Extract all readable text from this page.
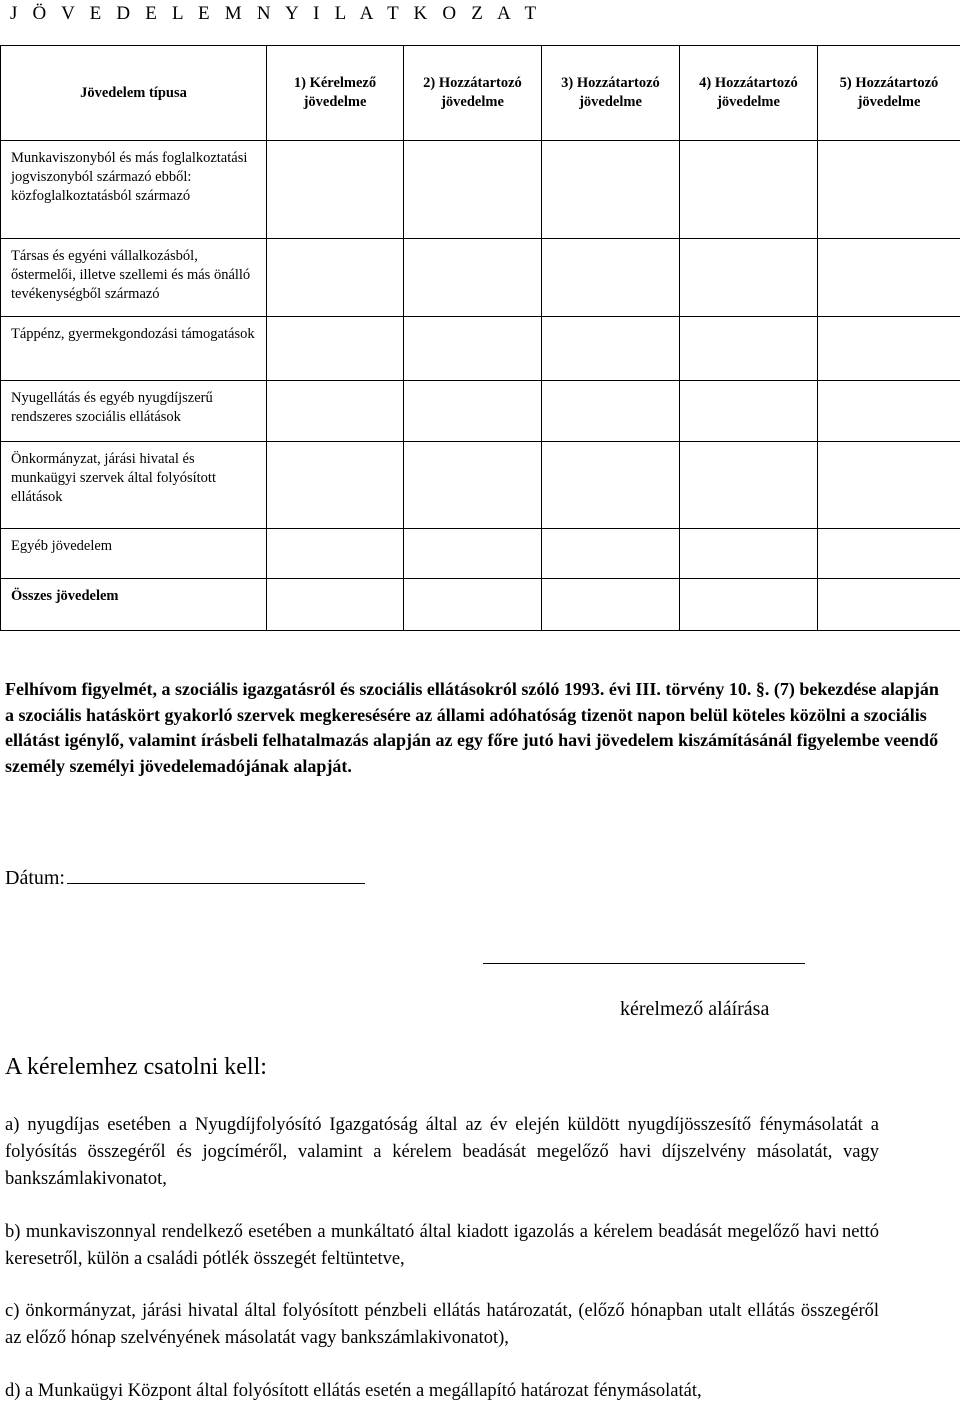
J Ö V E D E L E M N Y I L A T K O Z A T
Jövedelem típusa	1) Kérelmező jövedelme	2) Hozzátartozó jövedelme	3) Hozzátartozó jövedelme	4) Hozzátartozó jövedelme	5) Hozzátartozó jövedelme
Munkaviszonyból és más foglalkoztatási jogviszonyból származó ebből: közfoglalkoztatásból származó					
Társas és egyéni vállalkozásból, őstermelői, illetve szellemi és más önálló tevékenységből származó					
Táppénz, gyermekgondozási támogatások					
Nyugellátás és egyéb nyugdíjszerű rendszeres szociális ellátások					
Önkormányzat, járási hivatal és munkaügyi szervek által folyósított ellátások					
Egyéb jövedelem					
Összes jövedelem					
Felhívom figyelmét, a szociális igazgatásról és szociális ellátásokról szóló 1993. évi III. törvény 10. §. (7) bekezdése alapján a szociális hatáskört gyakorló szervek megkeresésére az állami adóhatóság tizenöt napon belül köteles közölni a szociális ellátást igénylő, valamint írásbeli felhatalmazás alapján az egy főre jutó havi jövedelem kiszámításánál figyelembe veendő személy személyi jövedelemadójának alapját.
Dátum:
kérelmező aláírása
A kérelemhez csatolni kell:
a) nyugdíjas esetében a Nyugdíjfolyósító Igazgatóság által az év elején küldött nyugdíjösszesítő fénymásolatát a folyósítás összegéről és jogcíméről, valamint a kérelem beadását megelőző havi díjszelvény másolatát, vagy bankszámlakivonatot,
b) munkaviszonnyal rendelkező esetében a munkáltató által kiadott igazolás a kérelem beadását megelőző havi nettó keresetről, külön a családi pótlék összegét feltüntetve,
c) önkormányzat, járási hivatal által folyósított pénzbeli ellátás határozatát, (előző hónapban utalt ellátás összegéről az előző hónap szelvényének másolatát vagy bankszámlakivonatot),
d) a Munkaügyi Központ által folyósított ellátás esetén a megállapító határozat fénymásolatát,
